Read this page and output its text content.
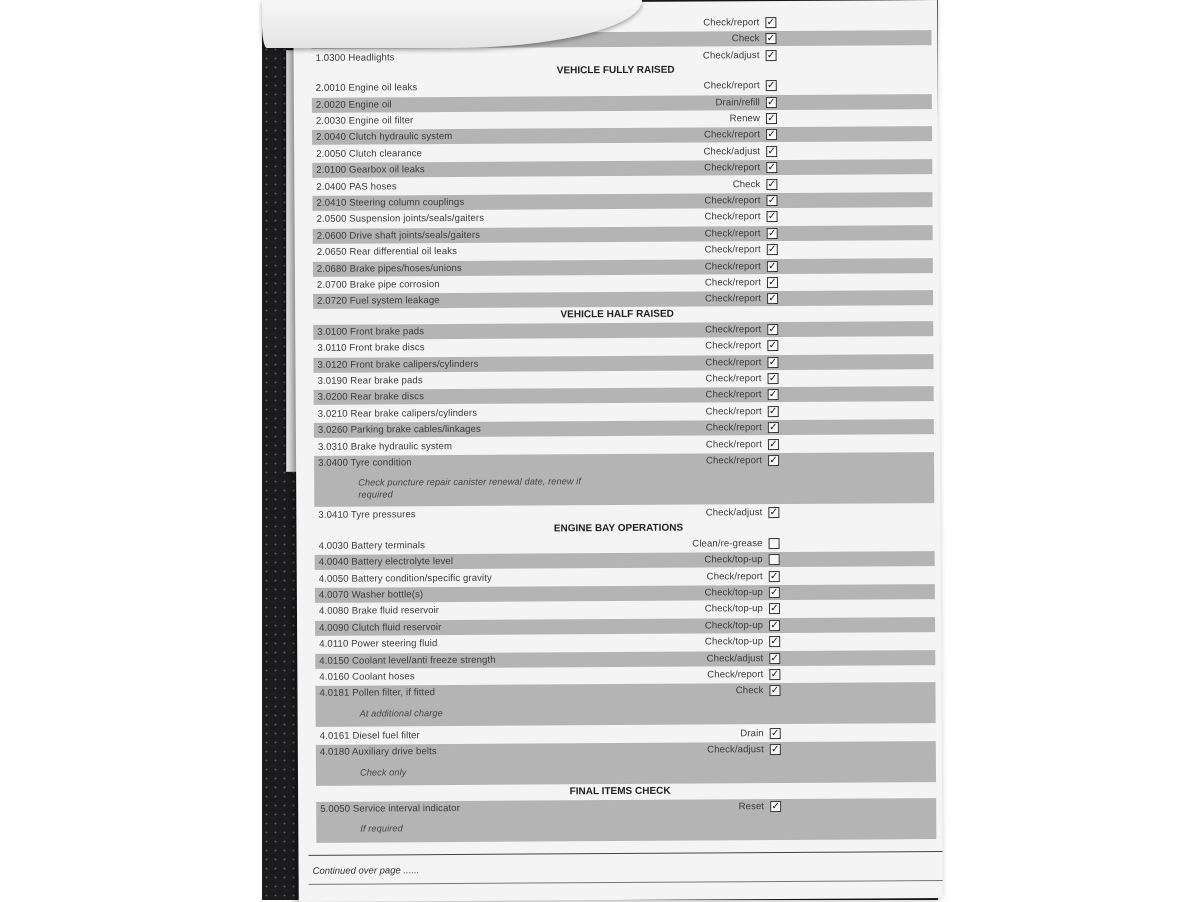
Check/report ✓
Check ✓
1.0300 Headlights	Check/adjust ✓
VEHICLE FULLY RAISED
2.0010 Engine oil leaks	Check/report ✓
2.0020 Engine oil	Drain/refill ✓
2.0030 Engine oil filter	Renew ✓
2.0040 Clutch hydraulic system	Check/report ✓
2.0050 Clutch clearance	Check/adjust ✓
2.0100 Gearbox oil leaks	Check/report ✓
2.0400 PAS hoses	Check ✓
2.0410 Steering column couplings	Check/report ✓
2.0500 Suspension joints/seals/gaiters	Check/report ✓
2.0600 Drive shaft joints/seals/gaiters	Check/report ✓
2.0650 Rear differential oil leaks	Check/report ✓
2.0680 Brake pipes/hoses/unions	Check/report ✓
2.0700 Brake pipe corrosion	Check/report ✓
2.0720 Fuel system leakage	Check/report ✓
VEHICLE HALF RAISED
3.0100 Front brake pads	Check/report ✓
3.0110 Front brake discs	Check/report ✓
3.0120 Front brake calipers/cylinders	Check/report ✓
3.0190 Rear brake pads	Check/report ✓
3.0200 Rear brake discs	Check/report ✓
3.0210 Rear brake calipers/cylinders	Check/report ✓
3.0260 Parking brake cables/linkages	Check/report ✓
3.0310 Brake hydraulic system	Check/report ✓
3.0400 Tyre condition	Check/report ✓
Check puncture repair canister renewal date, renew if
required
3.0410 Tyre pressures	Check/adjust ✓
ENGINE BAY OPERATIONS
4.0030 Battery terminals	Clean/re-grease
4.0040 Battery electrolyte level	Check/top-up
4.0050 Battery condition/specific gravity	Check/report ✓
4.0070 Washer bottle(s)	Check/top-up ✓
4.0080 Brake fluid reservoir	Check/top-up ✓
4.0090 Clutch fluid reservoir	Check/top-up ✓
4.0110 Power steering fluid	Check/top-up ✓
4.0150 Coolant level/anti freeze strength	Check/adjust ✓
4.0160 Coolant hoses	Check/report ✓
4.0181 Pollen filter, if fitted	Check ✓
At additional charge
4.0161 Diesel fuel filter	Drain ✓
4.0180 Auxiliary drive belts	Check/adjust ✓
Check only
FINAL ITEMS CHECK
5.0050 Service interval indicator	Reset ✓
If required
Continued over page ......
